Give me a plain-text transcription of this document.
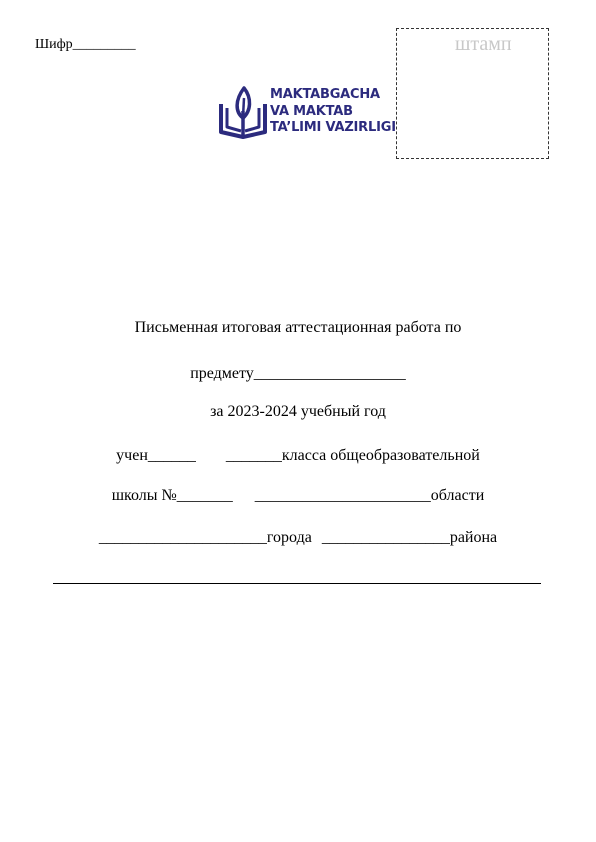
Шифр_________	штамп
MAKTABGACHA
VA MAKTAB
TA’LIMI VAZIRLIGI
Письменная итоговая аттестационная работа по
предмету___________________
за 2023-2024 учебный год
учен______ _______класса общеобразовательной
школы №_______ ______________________области
_____________________города ________________района
